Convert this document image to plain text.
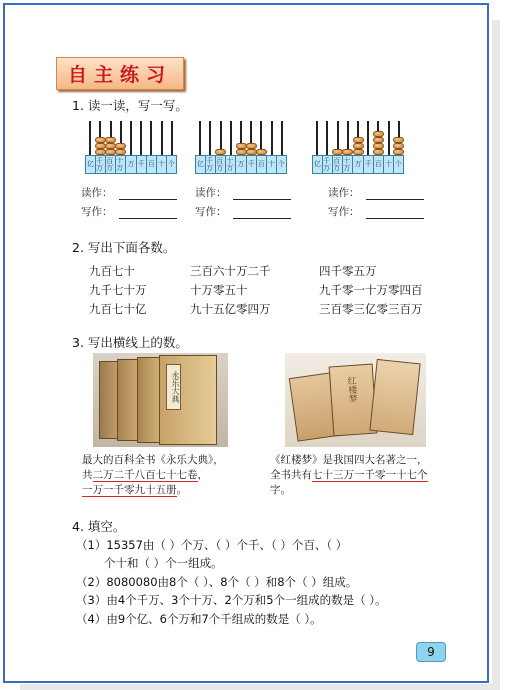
自主练习
1. 读一读，写一写。
亿 千万
百万
十万 万 千 百 十 个	亿 千万
百万
十万 万 千 百 十 个	亿 千万
百万
十万 万 千 百 十 个
读作：
写作：
读作：
写作：
读作：
写作：
2. 写出下面各数。
九百七十	三百六十万二千	四千零五万
九千七十万	十万零五十	九千零一十万零四百
九百七十亿	九十五亿零四万	三百零三亿零三百万
3. 写出横线上的数。
永乐大典	红楼梦
最大的百科全书《永乐大典》，
共二万二千八百七十七卷，
一万一千零九十五册。
《红楼梦》是我国四大名著之一，
全书共有七十三万一千零一十七个
字。
4. 填空。
（1）15357由（ ）个万、（ ）个千、（ ）个百、（ ）
个十和（ ）个一组成。
（2）8080080由8个（ ）、8个（ ）和8个（ ）组成。
（3）由4个千万、3个十万、2个万和5个一组成的数是（ ）。
（4）由9个亿、6个万和7个千组成的数是（ ）。
9
